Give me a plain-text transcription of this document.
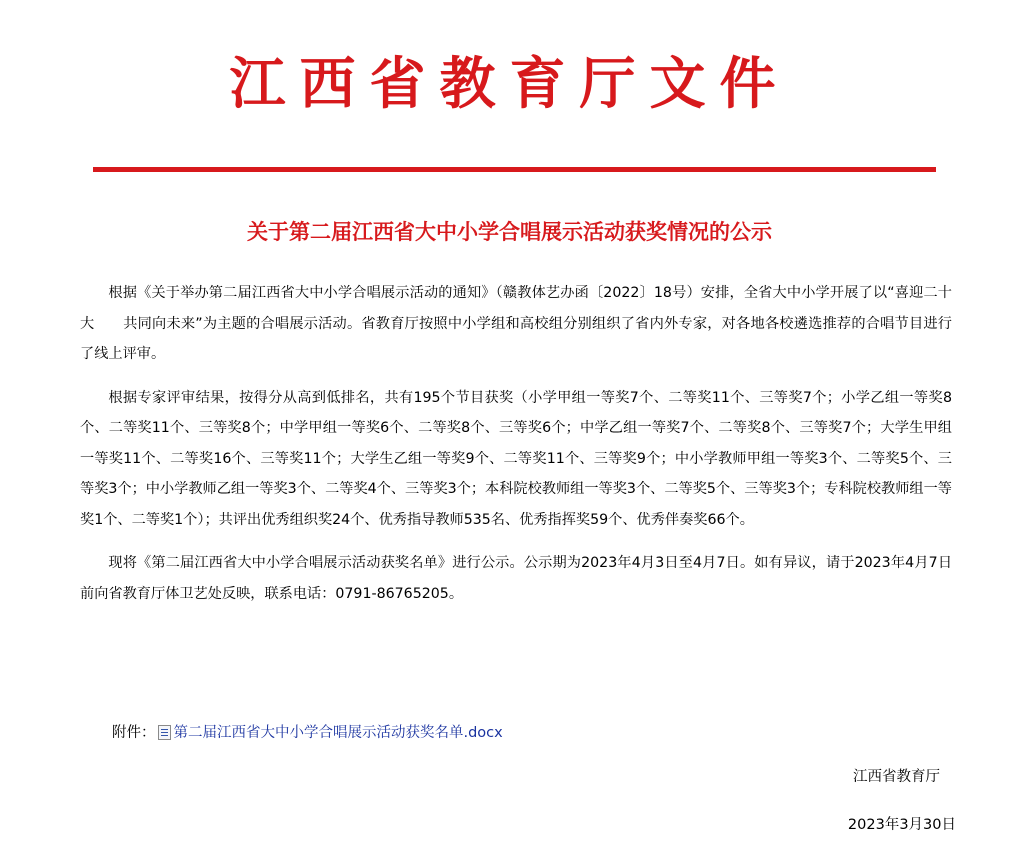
江西省教育厅文件
关于第二届江西省大中小学合唱展示活动获奖情况的公示

根据《关于举办第二届江西省大中小学合唱展示活动的通知》（赣教体艺办函〔2022〕18号）安排，全省大中小学开展了以“喜迎二十大　　共同向未来”为主题的合唱展示活动。省教育厅按照中小学组和高校组分别组织了省内外专家，对各地各校遴选推荐的合唱节目进行了线上评审。

根据专家评审结果，按得分从高到低排名，共有195个节目获奖（小学甲组一等奖7个、二等奖11个、三等奖7个；小学乙组一等奖8个、二等奖11个、三等奖8个；中学甲组一等奖6个、二等奖8个、三等奖6个；中学乙组一等奖7个、二等奖8个、三等奖7个；大学生甲组一等奖11个、二等奖16个、三等奖11个；大学生乙组一等奖9个、二等奖11个、三等奖9个；中小学教师甲组一等奖3个、二等奖5个、三等奖3个；中小学教师乙组一等奖3个、二等奖4个、三等奖3个；本科院校教师组一等奖3个、二等奖5个、三等奖3个；专科院校教师组一等奖1个、二等奖1个）；共评出优秀组织奖24个、优秀指导教师535名、优秀指挥奖59个、优秀伴奏奖66个。

现将《第二届江西省大中小学合唱展示活动获奖名单》进行公示。公示期为2023年4月3日至4月7日。如有异议，请于2023年4月7日前向省教育厅体卫艺处反映，联系电话：0791-86765205。

附件： 第二届江西省大中小学合唱展示活动获奖名单.docx
江西省教育厅
2023年3月30日
